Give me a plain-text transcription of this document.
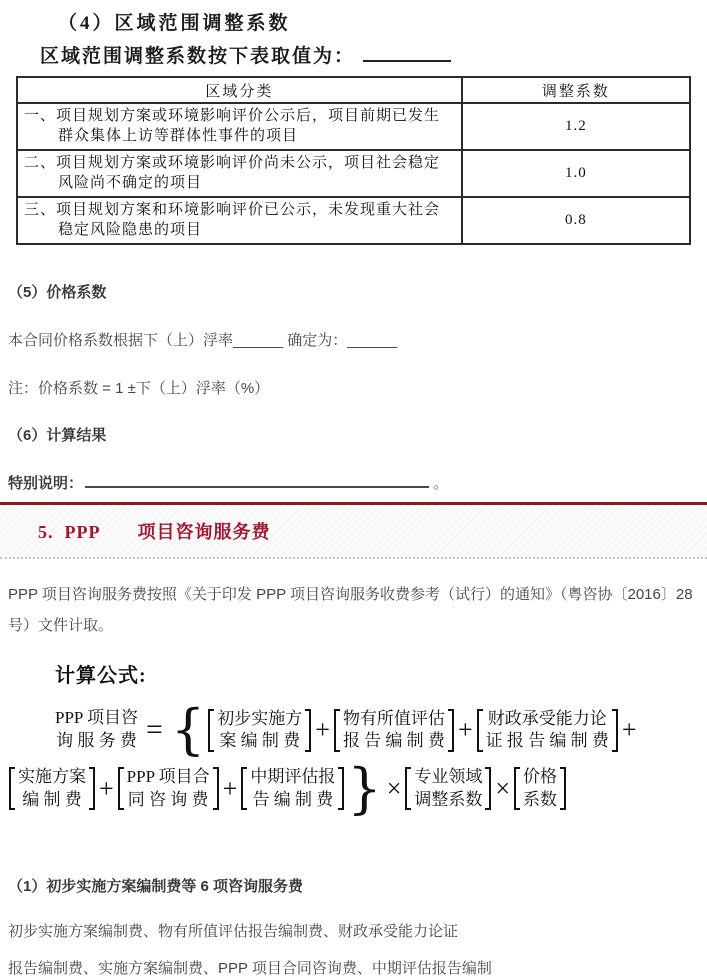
（4）区域范围调整系数
区域范围调整系数按下表取值为：
区域分类	调整系数
一、项目规划方案或环境影响评价公示后，项目前期已发生群众集体上访等群体性事件的项目	1.2
二、项目规划方案或环境影响评价尚未公示，项目社会稳定风险尚不确定的项目	1.0
三、项目规划方案和环境影响评价已公示，未发现重大社会稳定风险隐患的项目	0.8
（5）价格系数
本合同价格系数根据下（上）浮率______ 确定为：______
注：价格系数 = 1 ±下（上）浮率（%）
（6）计算结果
特别说明：	。
5.  PPP　　项目咨询服务费
PPP 项目咨询服务费按照《关于印发 PPP 项目咨询服务收费参考（试行）的通知》（粤咨协〔2016〕28 号）文件计取。
计算公式:
PPP 项目咨
询 服 务 费 = { 初步实施方
案 编 制 费 + 物有所值评估
报 告 编 制 费 + 财政承受能力论
证 报 告 编 制 费 +
实施方案
编 制 费 + PPP 项目合
同 咨 询 费 + 中期评估报
告 编 制 费 } × 专业领域
调整系数 × 价格
系数
（1）初步实施方案编制费等 6 项咨询服务费
初步实施方案编制费、物有所值评估报告编制费、财政承受能力论证
报告编制费、实施方案编制费、PPP 项目合同咨询费、中期评估报告编制
